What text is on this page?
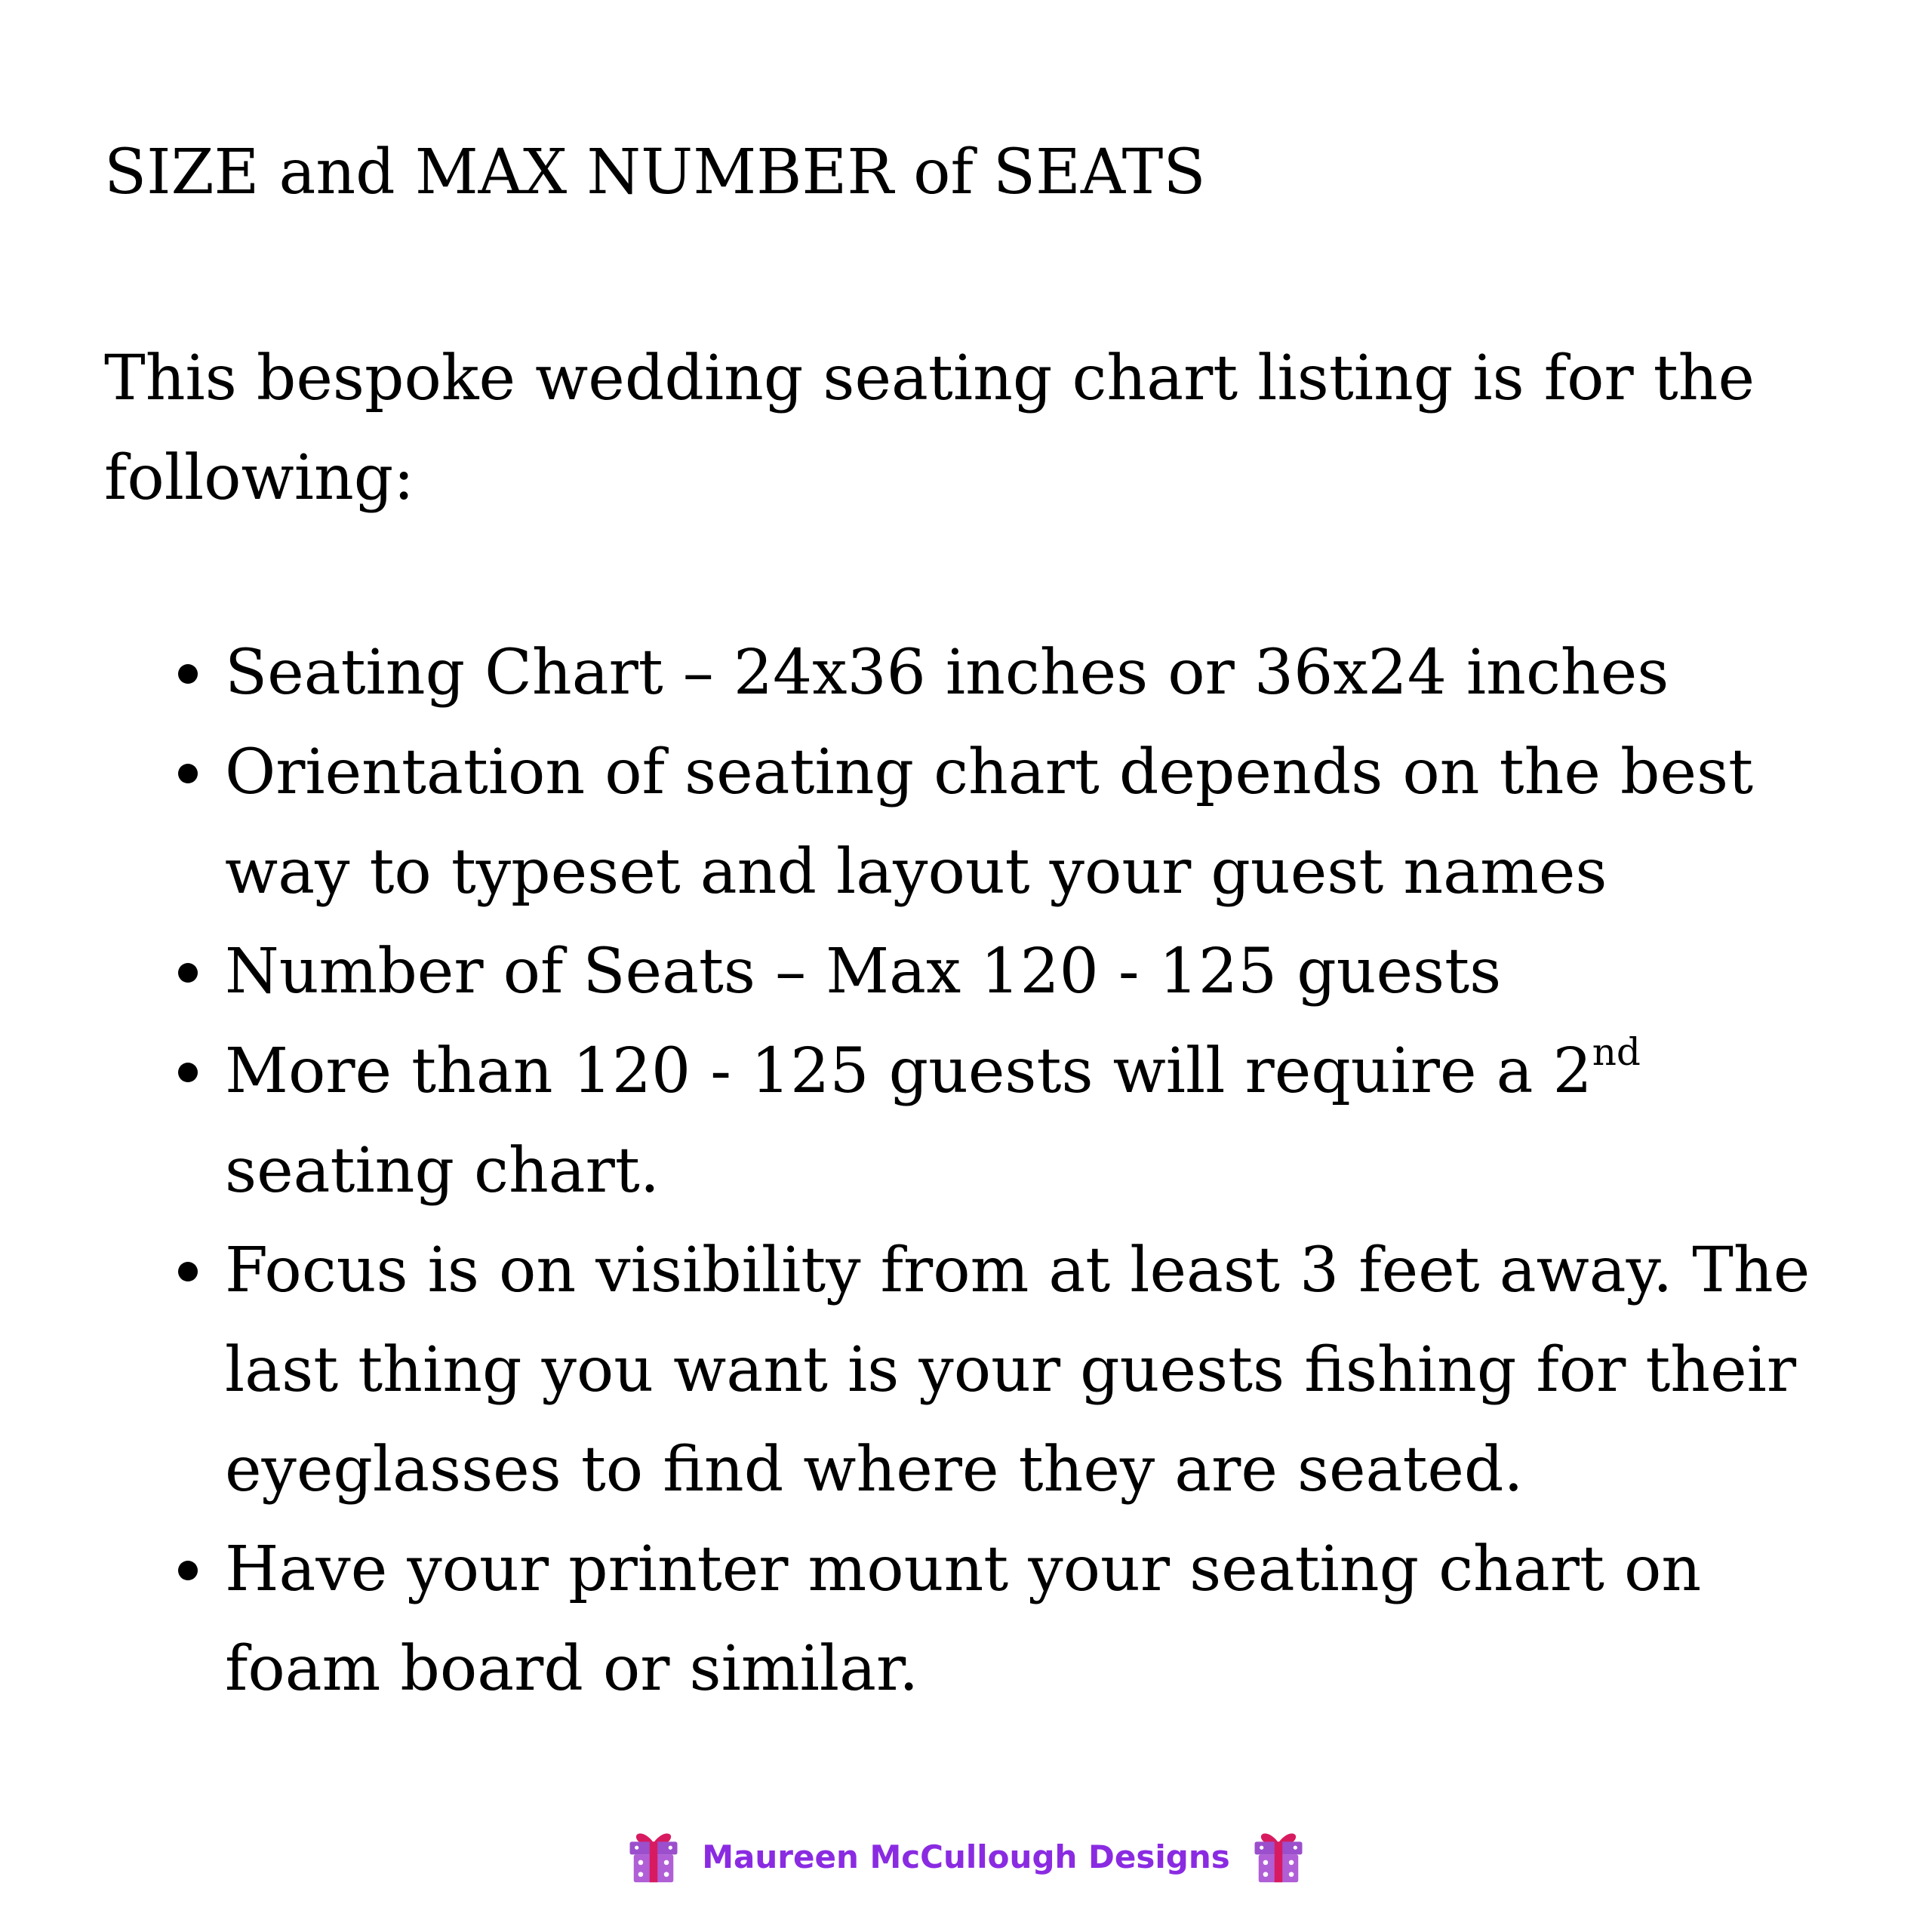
SIZE and MAX NUMBER of SEATS

This bespoke wedding seating chart listing is for the following:

Seating Chart – 24x36 inches or 36x24 inches
Orientation of seating chart depends on the best way to typeset and layout your guest names
Number of Seats – Max 120 - 125 guests
More than 120 - 125 guests will require a 2nd seating chart.
Focus is on visibility from at least 3 feet away. The last thing you want is your guests fishing for their eyeglasses to find where they are seated.
Have your printer mount your seating chart on foam board or similar.
Maureen McCullough Designs
